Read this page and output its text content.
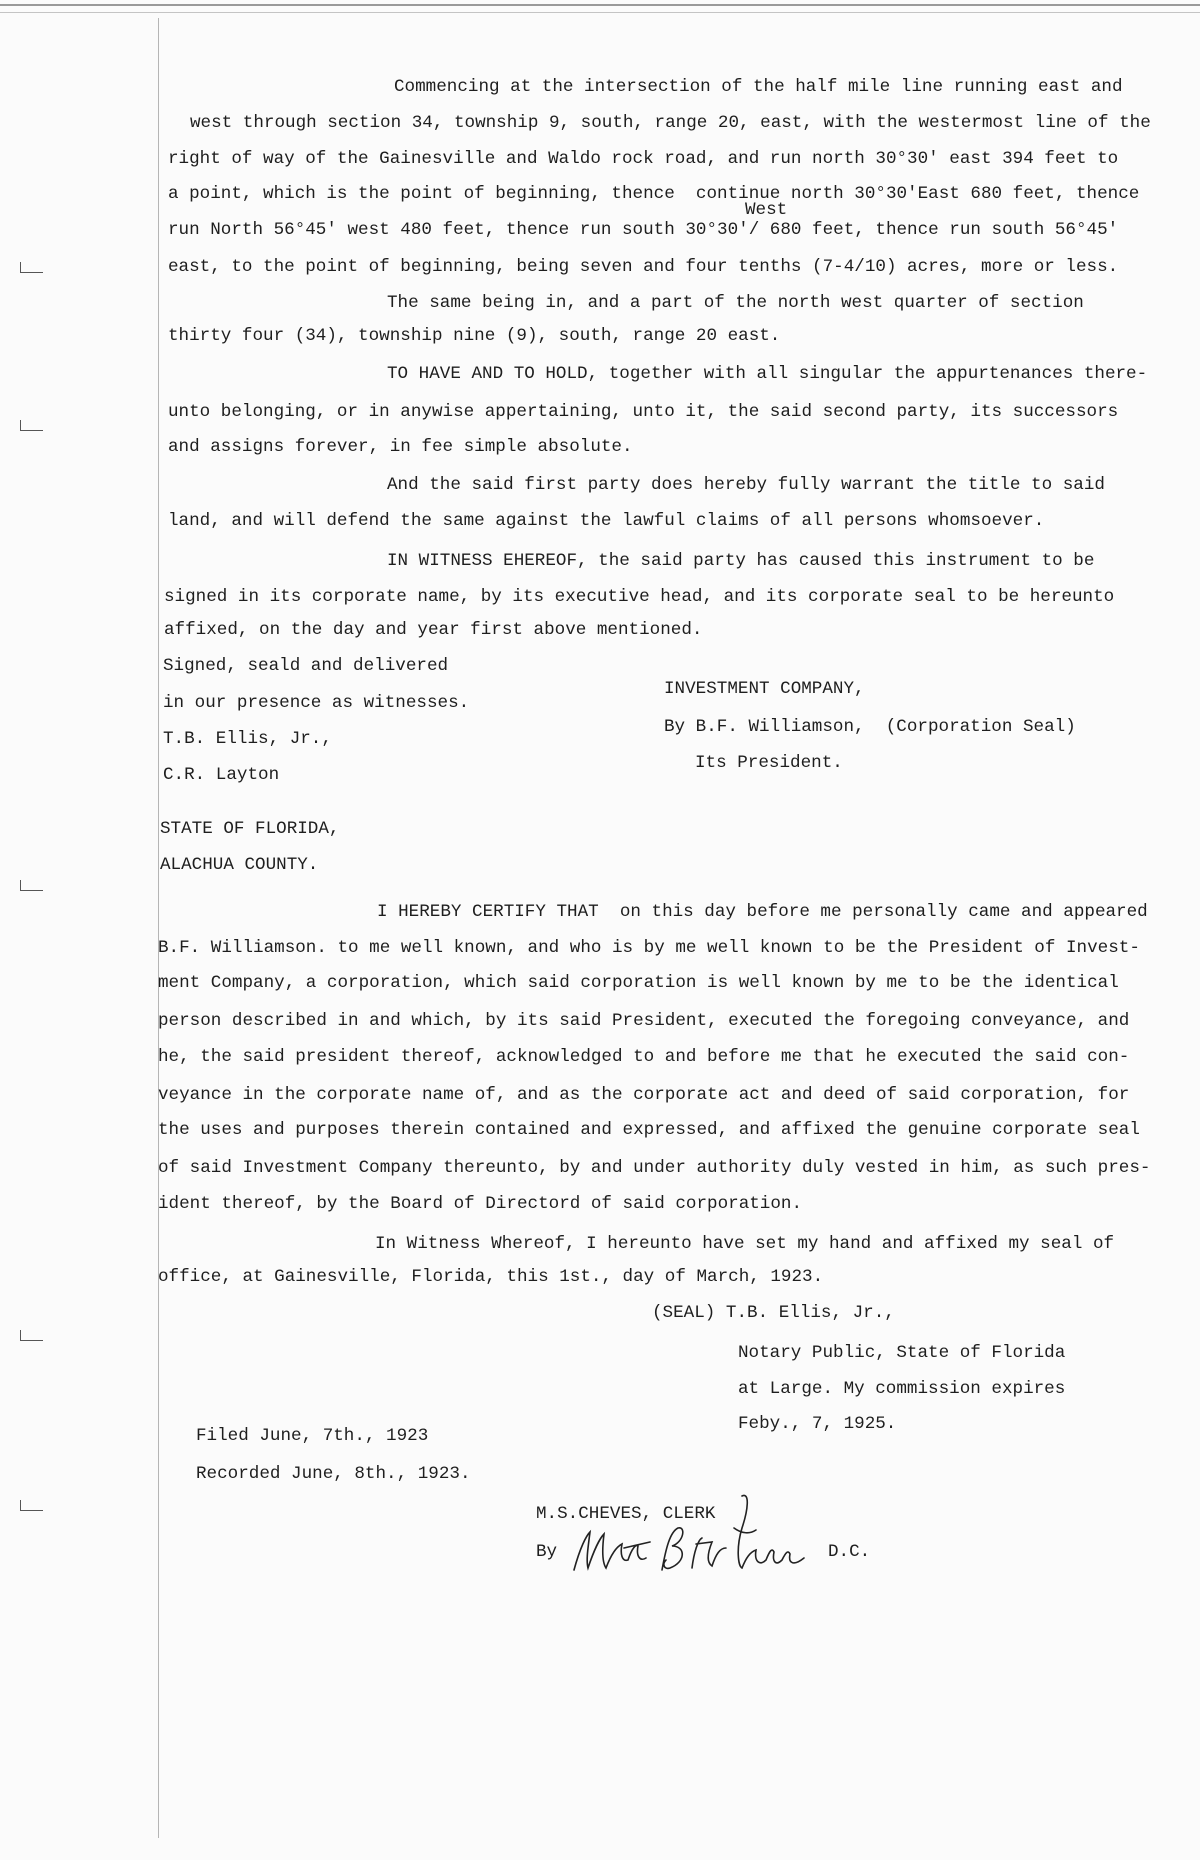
Commencing at the intersection of the half mile line running east and
west through section 34, township 9, south, range 20, east, with the westermost line of the
right of way of the Gainesville and Waldo rock road, and run north 30°30' east 394 feet to
a point, which is the point of beginning, thence  continue north 30°30'East 680 feet, thence
West
run North 56°45' west 480 feet, thence run south 30°30'/ 680 feet, thence run south 56°45'
east, to the point of beginning, being seven and four tenths (7-4/10) acres, more or less.
The same being in, and a part of the north west quarter of section
thirty four (34), township nine (9), south, range 20 east.
TO HAVE AND TO HOLD, together with all singular the appurtenances there-
unto belonging, or in anywise appertaining, unto it, the said second party, its successors
and assigns forever, in fee simple absolute.
And the said first party does hereby fully warrant the title to said
land, and will defend the same against the lawful claims of all persons whomsoever.
IN WITNESS EHEREOF, the said party has caused this instrument to be
signed in its corporate name, by its executive head, and its corporate seal to be hereunto
affixed, on the day and year first above mentioned.
Signed, seald and delivered
in our presence as witnesses.
T.B. Ellis, Jr.,
C.R. Layton
INVESTMENT COMPANY,
By B.F. Williamson,  (Corporation Seal)
Its President.
STATE OF FLORIDA,
ALACHUA COUNTY.
I HEREBY CERTIFY THAT  on this day before me personally came and appeared
B.F. Williamson. to me well known, and who is by me well known to be the President of Invest-
ment Company, a corporation, which said corporation is well known by me to be the identical
person described in and which, by its said President, executed the foregoing conveyance, and
he, the said president thereof, acknowledged to and before me that he executed the said con-
veyance in the corporate name of, and as the corporate act and deed of said corporation, for
the uses and purposes therein contained and expressed, and affixed the genuine corporate seal
of said Investment Company thereunto, by and under authority duly vested in him, as such pres-
ident thereof, by the Board of Directord of said corporation.
In Witness Whereof, I hereunto have set my hand and affixed my seal of
office, at Gainesville, Florida, this 1st., day of March, 1923.
(SEAL) T.B. Ellis, Jr.,
Notary Public, State of Florida
at Large. My commission expires
Feby., 7, 1925.
Filed June, 7th., 1923
Recorded June, 8th., 1923.
M.S.CHEVES, CLERK
By	D.C.
